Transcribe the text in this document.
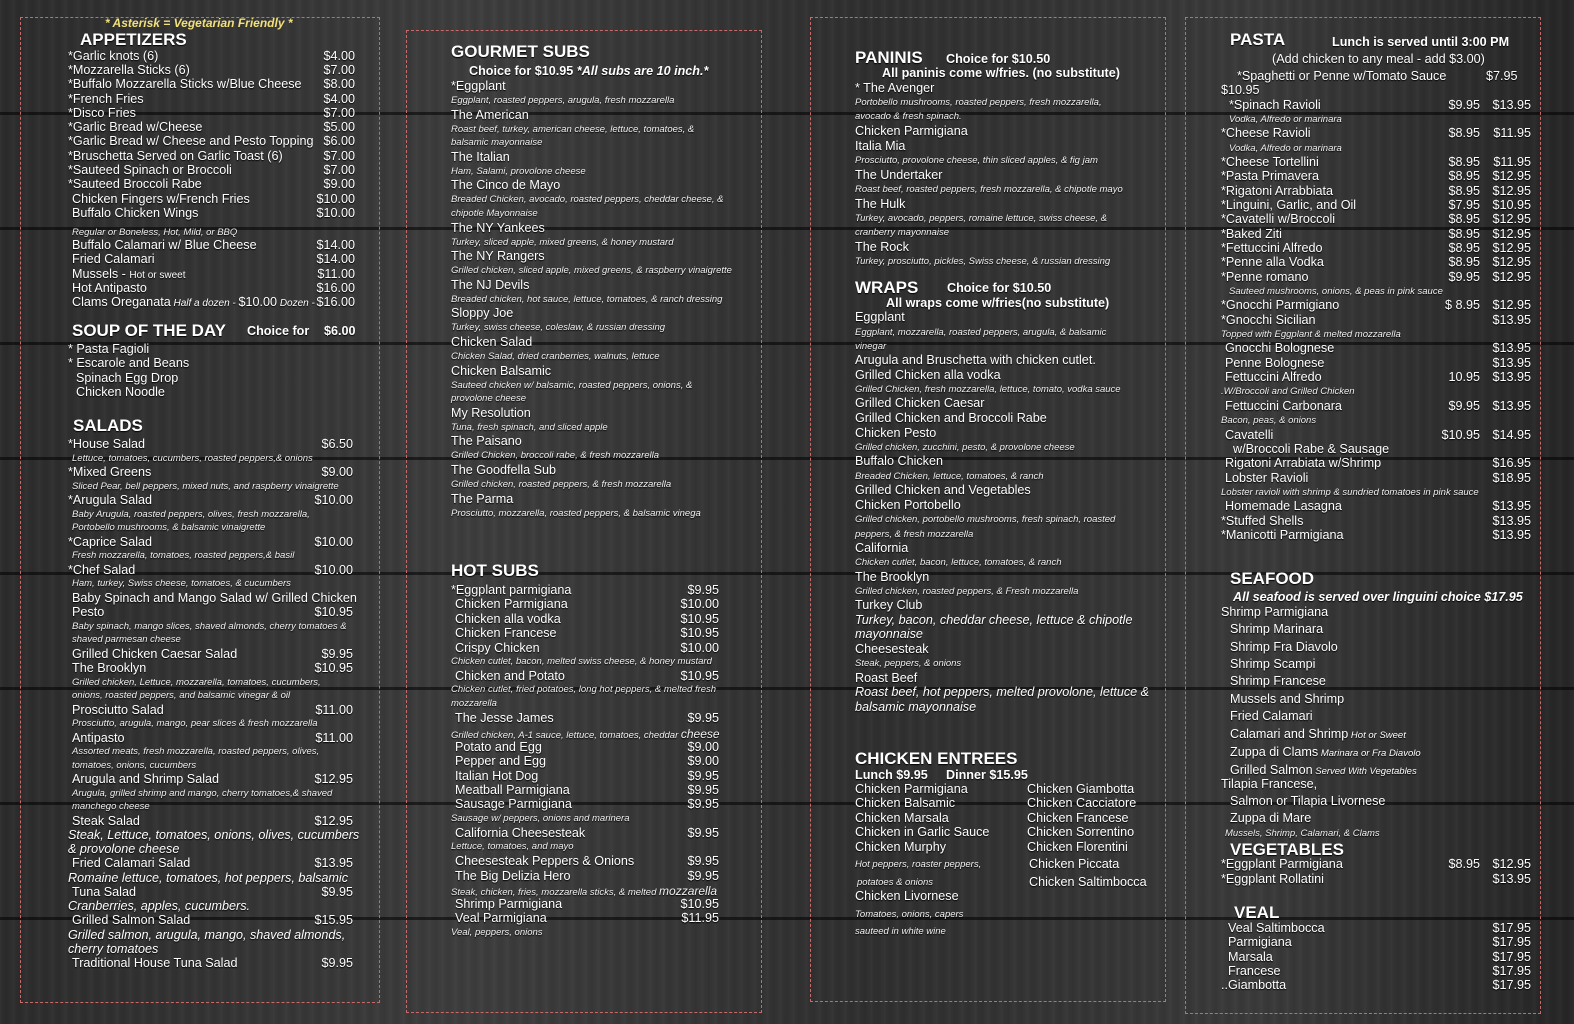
* Asterisk = Vegetarian Friendly *
APPETIZERS
*Garlic knots (6)	$4.00
*Mozzarella Sticks (6)	$7.00
*Buffalo Mozzarella Sticks w/Blue Cheese $8.00
*French Fries	$4.00
*Disco Fries	$7.00
*Garlic Bread w/Cheese	$5.00
*Garlic Bread w/ Cheese and Pesto Topping $6.00
*Bruschetta Served on Garlic Toast (6)	$7.00
*Sauteed Spinach or Broccoli	$7.00
*Sauteed Broccoli Rabe	$9.00
Chicken Fingers w/French Fries	$10.00
Buffalo Chicken Wings	$10.00
Regular or Boneless, Hot, Mild, or BBQ
Buffalo Calamari w/ Blue Cheese	$14.00
Fried Calamari	$14.00
Mussels - Hot or sweet	$11.00
Hot Antipasto	$16.00
Clams Oreganata Half a dozen - $10.00 Dozen - $16.00
SOUP OF THE DAY Choice for $6.00
* Pasta Fagioli
* Escarole and Beans
Spinach Egg Drop
Chicken Noodle
SALADS
*House Salad	$6.50
Lettuce, tomatoes, cucumbers, roasted peppers,& onions
*Mixed Greens	$9.00
Sliced Pear, bell peppers, mixed nuts, and raspberry vinaigrette
*Arugula Salad	$10.00
Baby Arugula, roasted peppers, olives, fresh mozzarella,
Portobello mushrooms, & balsamic vinaigrette
*Caprice Salad	$10.00
Fresh mozzarella, tomatoes, roasted peppers,& basil
*Chef Salad	$10.00
Ham, turkey, Swiss cheese, tomatoes, & cucumbers
Baby Spinach and Mango Salad w/ Grilled Chicken
Pesto	$10.95
Baby spinach, mango slices, shaved almonds, cherry tomatoes &
shaved parmesan cheese
Grilled Chicken Caesar Salad	$9.95
The Brooklyn	$10.95
Grilled chicken, Lettuce, mozzarella, tomatoes, cucumbers,
onions, roasted peppers, and balsamic vinegar & oil
Prosciutto Salad	$11.00
Prosciutto, arugula, mango, pear slices & fresh mozzarella
Antipasto	$11.00
Assorted meats, fresh mozzarella, roasted peppers, olives,
tomatoes, onions, cucumbers
Arugula and Shrimp Salad	$12.95
Arugula, grilled shrimp and mango, cherry tomatoes,& shaved
manchego cheese
Steak Salad	$12.95
Steak, Lettuce, tomatoes, onions, olives, cucumbers
& provolone cheese
Fried Calamari Salad	$13.95
Romaine lettuce, tomatoes, hot peppers, balsamic
Tuna Salad	$9.95
Cranberries, apples, cucumbers.
Grilled Salmon Salad	$15.95
Grilled salmon, arugula, mango, shaved almonds,
cherry tomatoes
Traditional House Tuna Salad	$9.95
GOURMET SUBS
Choice for $10.95 *All subs are 10 inch.*
*Eggplant
Eggplant, roasted peppers, arugula, fresh mozzarella
The American
Roast beef, turkey, american cheese, lettuce, tomatoes, &
balsamic mayonnaise
The Italian
Ham, Salami, provolone cheese
The Cinco de Mayo
Breaded Chicken, avocado, roasted peppers, cheddar cheese, &
chipotle Mayonnaise
The NY Yankees
Turkey, sliced apple, mixed greens, & honey mustard
The NY Rangers
Grilled chicken, sliced apple, mixed greens, & raspberry vinaigrette
The NJ Devils
Breaded chicken, hot sauce, lettuce, tomatoes, & ranch dressing
Sloppy Joe
Turkey, swiss cheese, coleslaw, & russian dressing
Chicken Salad
Chicken Salad, dried cranberries, walnuts, lettuce
Chicken Balsamic
Sauteed chicken w/ balsamic, roasted peppers, onions, &
provolone cheese
My Resolution
Tuna, fresh spinach, and sliced apple
The Paisano
Grilled Chicken, broccoli rabe, & fresh mozzarella
The Goodfella Sub
Grilled chicken, roasted peppers, & fresh mozzarella
The Parma
Prosciutto, mozzarella, roasted peppers, & balsamic vinega
HOT SUBS
*Eggplant parmigiana	$9.95
Chicken Parmigiana	$10.00
Chicken alla vodka	$10.95
Chicken Francese	$10.95
Crispy Chicken	$10.00
Chicken cutlet, bacon, melted swiss cheese, & honey mustard
Chicken and Potato	$10.95
Chicken cutlet, fried potatoes, long hot peppers, & melted fresh
mozzarella
The Jesse James	$9.95
Grilled chicken, A-1 sauce, lettuce, tomatoes, cheddar cheese
Potato and Egg	$9.00
Pepper and Egg	$9.00
Italian Hot Dog	$9.95
Meatball Parmigiana	$9.95
Sausage Parmigiana	$9.95
Sausage w/ peppers, onions and marinera
California Cheesesteak	$9.95
Lettuce, tomatoes, and mayo
Cheesesteak Peppers & Onions	$9.95
The Big Delizia Hero	$9.95
Steak, chicken, fries, mozzarella sticks, & melted mozzarella
Shrimp Parmigiana	$10.95
Veal Parmigiana	$11.95
Veal, peppers, onions
PANINIS Choice for $10.50
All paninis come w/fries. (no substitute)
* The Avenger
Portobello mushrooms, roasted peppers, fresh mozzarella,
avocado & fresh spinach.
Chicken Parmigiana
Italia Mia
Prosciutto, provolone cheese, thin sliced apples, & fig jam
The Undertaker
Roast beef, roasted peppers, fresh mozzarella, & chipotle mayo
The Hulk
Turkey, avocado, peppers, romaine lettuce, swiss cheese, &
cranberry mayonnaise
The Rock
Turkey, prosciutto, pickles, Swiss cheese, & russian dressing
WRAPS Choice for $10.50
All wraps come w/fries(no substitute)
Eggplant
Eggplant, mozzarella, roasted peppers, arugula, & balsamic
vinegar
Arugula and Bruschetta with chicken cutlet.
Grilled Chicken alla vodka
Grilled Chicken, fresh mozzarella, lettuce, tomato, vodka sauce
Grilled Chicken Caesar
Grilled Chicken and Broccoli Rabe
Chicken Pesto
Grilled chicken, zucchini, pesto, & provolone cheese
Buffalo Chicken
Breaded Chicken, lettuce, tomatoes, & ranch
Grilled Chicken and Vegetables
Chicken Portobello
Grilled chicken, portobello mushrooms, fresh spinach, roasted
peppers, & fresh mozzarella
California
Chicken cutlet, bacon, lettuce, tomatoes, & ranch
The Brooklyn
Grilled chicken, roasted peppers, & Fresh mozzarella
Turkey Club
Turkey, bacon, cheddar cheese, lettuce & chipotle
mayonnaise
Cheesesteak
Steak, peppers, & onions
Roast Beef
Roast beef, hot peppers, melted provolone, lettuce &
balsamic mayonnaise
CHICKEN ENTREES
Lunch $9.95 Dinner $15.95
Chicken Parmigiana
Chicken Balsamic
Chicken Marsala
Chicken in Garlic Sauce
Chicken Murphy
Chicken Giambotta
Chicken Cacciatore
Chicken Francese
Chicken Sorrentino
Chicken Florentini
Chicken Piccata
Chicken Saltimbocca
Hot peppers, roaster peppers,
potatoes & onions
Chicken Livornese
Tomatoes, onions, capers
sauteed in white wine
PASTA	Lunch is served until 3:00 PM
(Add chicken to any meal - add $3.00)
*Spaghetti or Penne w/Tomato Sauce	$7.95
$10.95
*Spinach Ravioli	$9.95 $13.95
Vodka, Alfredo or marinara
*Cheese Ravioli	$8.95 $11.95
Vodka, Alfredo or marinara
*Cheese Tortellini	$8.95 $11.95
*Pasta Primavera	$8.95 $12.95
*Rigatoni Arrabbiata	$8.95 $12.95
*Linguini, Garlic, and Oil	$7.95 $10.95
*Cavatelli w/Broccoli	$8.95 $12.95
*Baked Ziti	$8.95 $12.95
*Fettuccini Alfredo	$8.95 $12.95
*Penne alla Vodka	$8.95 $12.95
*Penne romano	$9.95 $12.95
Sauteed mushrooms, onions, & peas in pink sauce
*Gnocchi Parmigiano	$ 8.95 $12.95
*Gnocchi Sicilian	$13.95
Topped with Eggplant & melted mozzarella
Gnocchi Bolognese	$13.95
Penne Bolognese	$13.95
Fettuccini Alfredo	10.95 $13.95
.W/Broccoli and Grilled Chicken
Fettuccini Carbonara	$9.95 $13.95
Bacon, peas, & onions
Cavatelli	$10.95 $14.95
w/Broccoli Rabe & Sausage
Rigatoni Arrabiata w/Shrimp	$16.95
Lobster Ravioli	$18.95
Lobster ravioli with shrimp & sundried tomatoes in pink sauce
Homemade Lasagna	$13.95
*Stuffed Shells	$13.95
*Manicotti Parmigiana	$13.95
SEAFOOD
All seafood is served over linguini choice $17.95
Shrimp Parmigiana
Shrimp Marinara
Shrimp Fra Diavolo
Shrimp Scampi
Shrimp Francese
Mussels and Shrimp
Fried Calamari
Calamari and Shrimp Hot or Sweet
Zuppa di Clams Marinara or Fra Diavolo
Grilled Salmon Served With Vegetables
Tilapia Francese,
Salmon or Tilapia Livornese
Zuppa di Mare
Mussels, Shrimp, Calamari, & Clams
VEGETABLES
*Eggplant Parmigiana	$8.95 $12.95
*Eggplant Rollatini	$13.95
VEAL
Veal Saltimbocca	$17.95
Parmigiana	$17.95
Marsala	$17.95
Francese	$17.95
..Giambotta	$17.95
